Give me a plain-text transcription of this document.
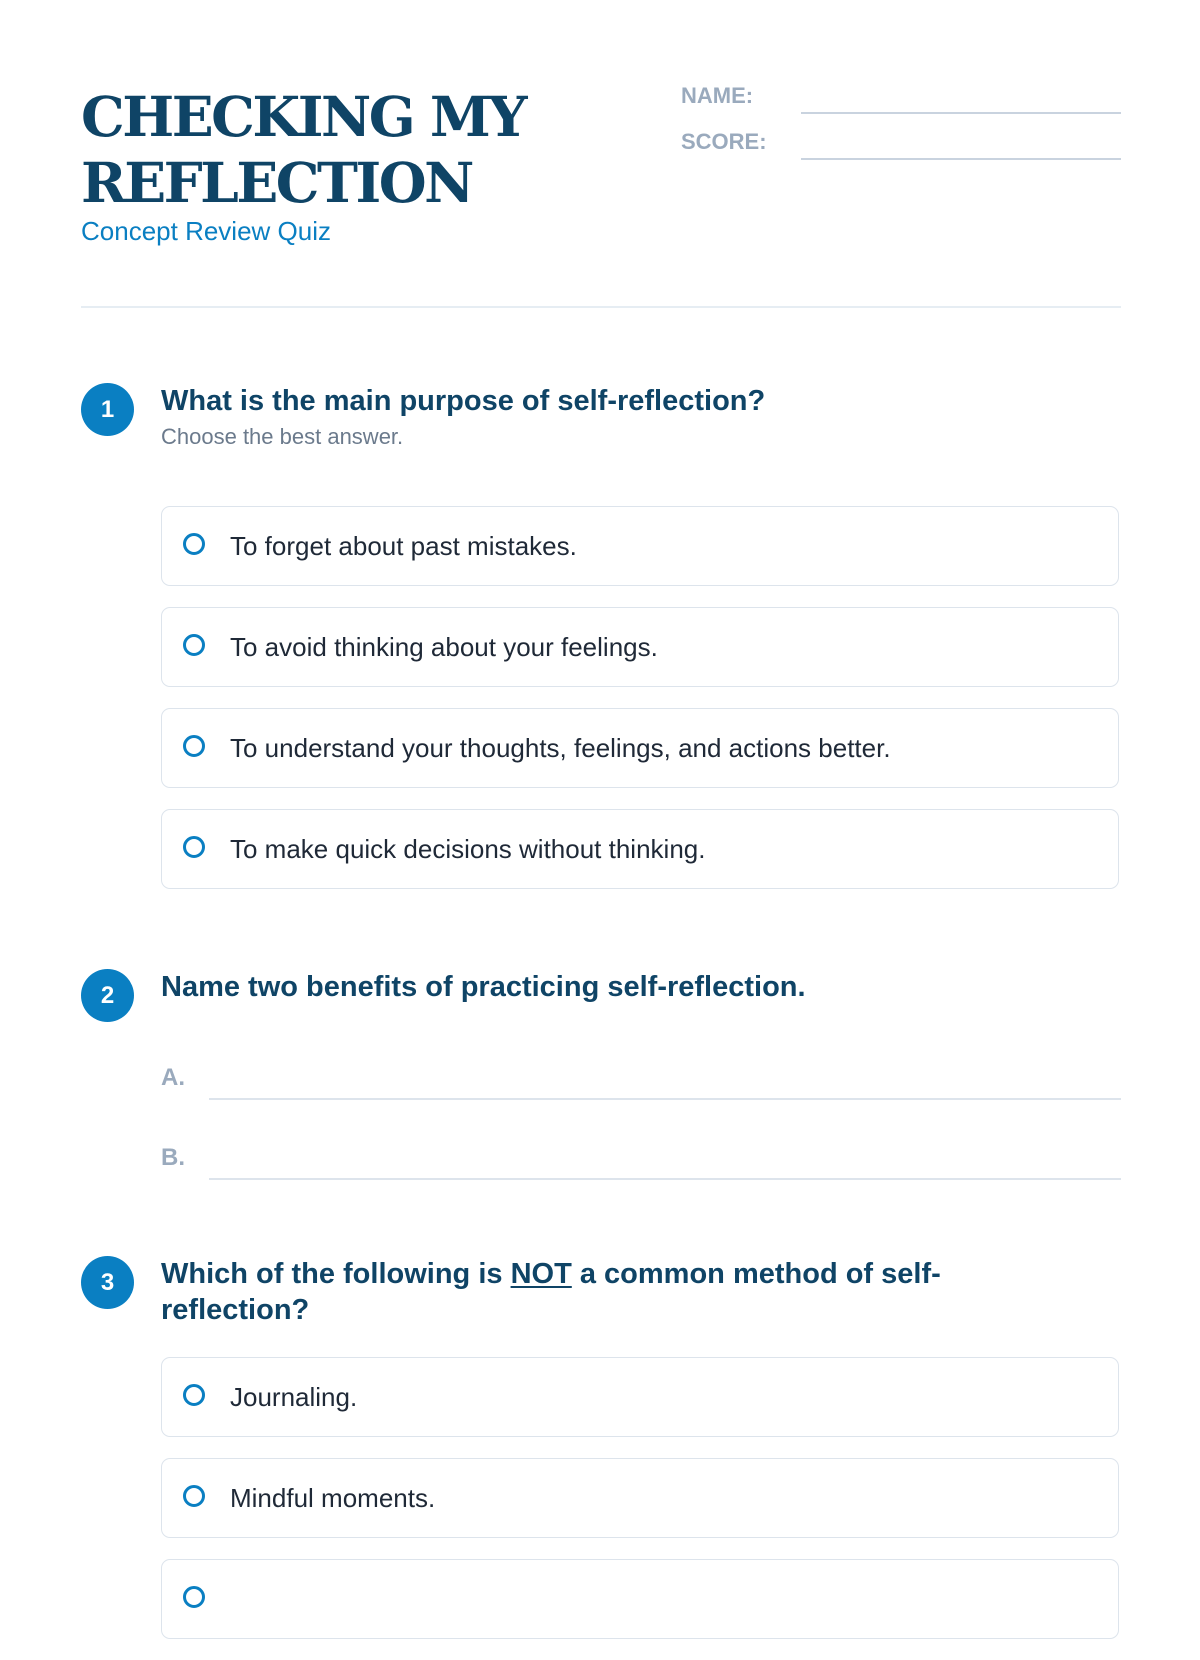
CHECKING MY REFLECTION
Concept Review Quiz
NAME:
SCORE:
1	What is the main purpose of self-reflection?

Choose the best answer.
To forget about past mistakes.
To avoid thinking about your feelings.
To understand your thoughts, feelings, and actions better.
To make quick decisions without thinking.
2	Name two benefits of practicing self-reflection.

A.
B.
3	Which of the following is NOT a common method of self-reflection?

Journaling.
Mindful moments.
